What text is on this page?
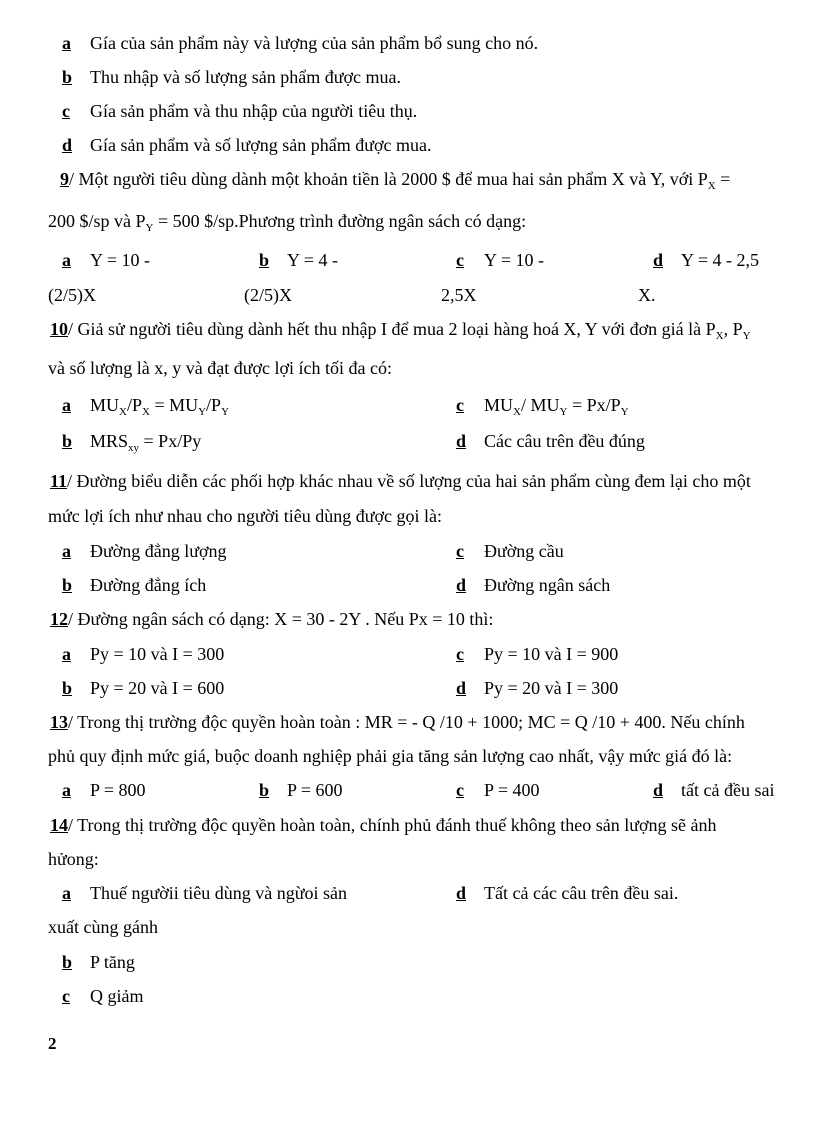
a Gía của sản phẩm này và lượng của sản phẩm bổ sung cho nó.
b Thu nhập và số lượng sản phẩm được mua.
c Gía sản phẩm và thu nhập của người tiêu thụ.
d Gía sản phẩm và số lượng sản phẩm được mua.
9/ Một người tiêu dùng dành một khoản tiền là 2000 $ để mua hai sản phẩm X và Y, với $P_X$ =
200 $/sp và $P_Y = 500$ $/sp.Phương trình đường ngân sách có dạng:
a Y = 10 -
(2/5)X
b Y = 4 -
(2/5)X
c Y = 10 -
2,5X
d Y = 4 - 2,5
X.
10/ Giả sử người tiêu dùng dành hết thu nhập I để mua 2 loại hàng hoá X, Y với đơn giá là $P_X$, $P_Y$
và số lượng là x, y và đạt được lợi ích tối đa có:
a $MU_X/P_X = MU_Y/P_Y$	c $MU_X/$ $MU_Y = Px/P_Y$
b $MRS_{xy} = Px/Py$	d Các câu trên đều đúng
11/ Đường biểu diễn các phối hợp khác nhau về số lượng của hai sản phẩm cùng đem lại cho một
mức lợi ích như nhau cho người tiêu dùng được gọi là:
a Đường đẳng lượng	c Đường cầu
b Đường đẳng ích	d Đường ngân sách
12/ Đường ngân sách có dạng: X = 30 - 2Y . Nếu Px = 10 thì:
a Py = 10 và I = 300	c Py = 10 và I = 900
b Py = 20 và I = 600	d Py = 20 và I = 300
13/ Trong thị trường độc quyền hoàn toàn : MR = - Q /10 + 1000; MC = Q /10 + 400. Nếu chính
phủ quy định mức giá, buộc doanh nghiệp phải gia tăng sản lượng cao nhất, vậy mức giá đó là:
a P = 800	b P = 600	c P = 400	d tất cả đều sai
14/ Trong thị trường độc quyền hoàn toàn, chính phủ đánh thuế không theo sản lượng sẽ ảnh
hửong:
a Thuế ngườii tiêu dùng và ngừoi sản
xuất cùng gánh
d Tất cả các câu trên đều sai.
b P tăng
c Q giảm
2
